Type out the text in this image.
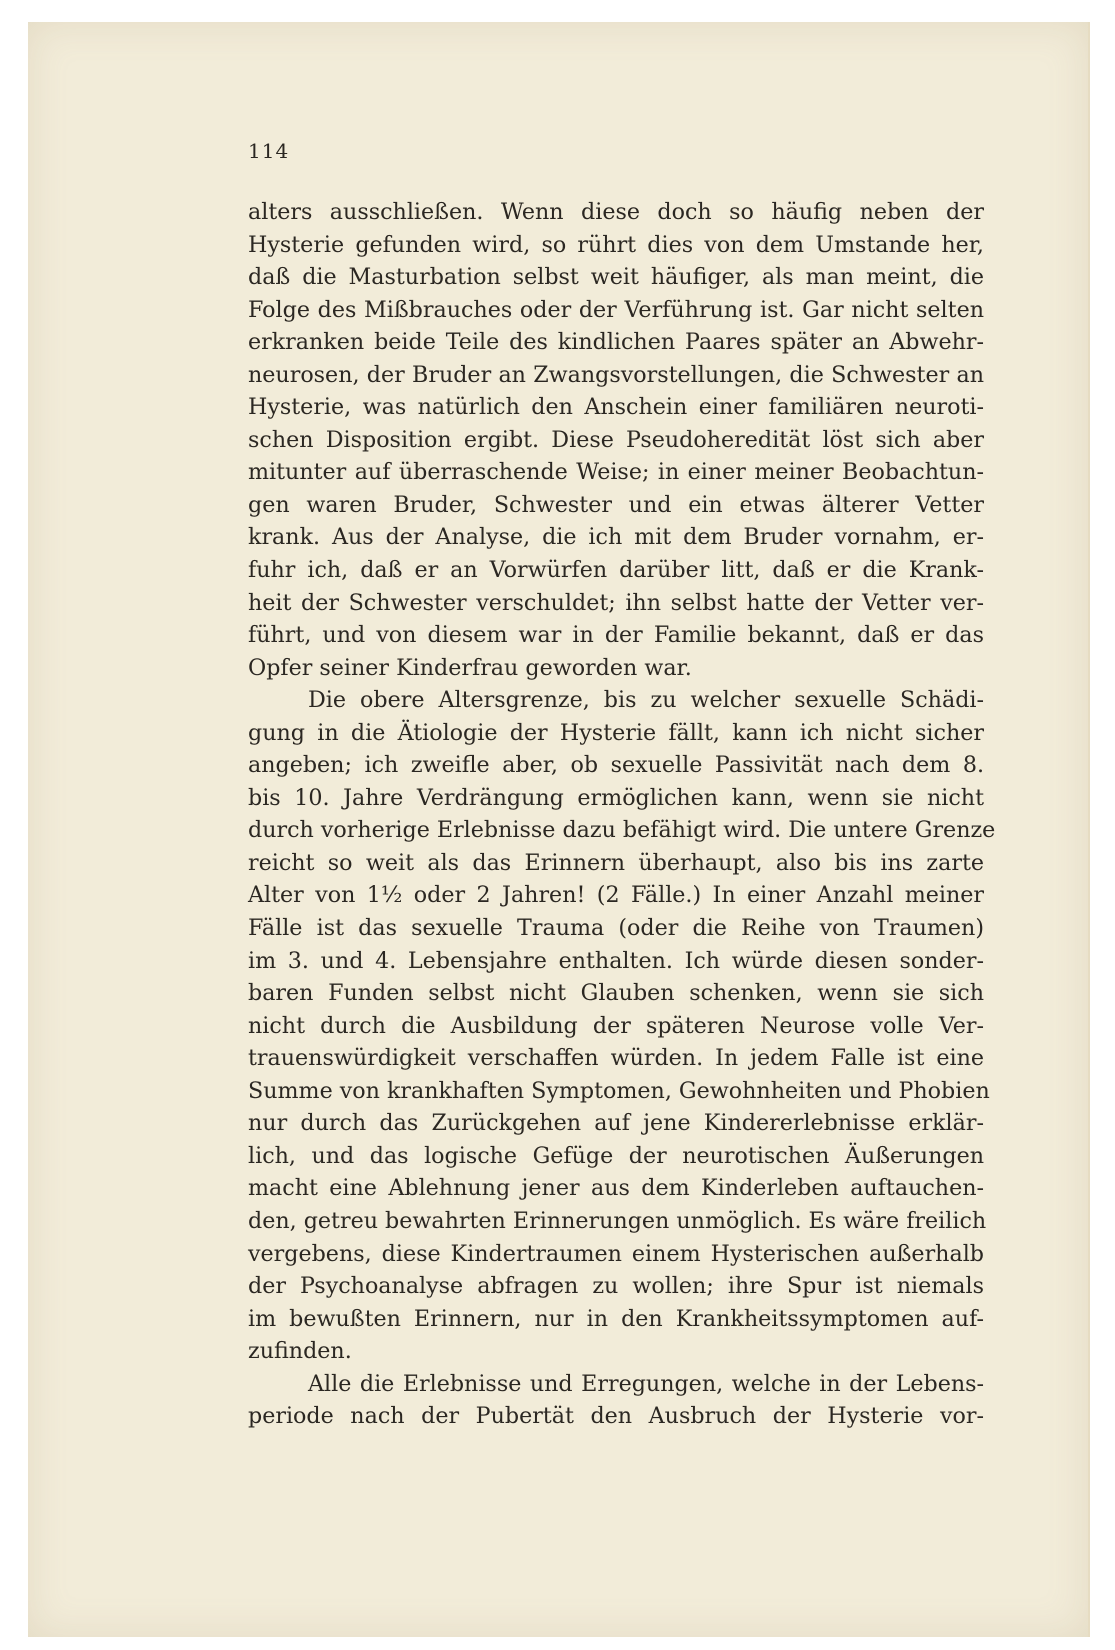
114
alters ausschließen. Wenn diese doch so häufig neben der
Hysterie gefunden wird, so rührt dies von dem Umstande her,
daß die Masturbation selbst weit häufiger, als man meint, die
Folge des Mißbrauches oder der Verführung ist. Gar nicht selten
erkranken beide Teile des kindlichen Paares später an Abwehr-
neurosen, der Bruder an Zwangsvorstellungen, die Schwester an
Hysterie, was natürlich den Anschein einer familiären neuroti-
schen Disposition ergibt. Diese Pseudoheredität löst sich aber
mitunter auf überraschende Weise; in einer meiner Beobachtun-
gen waren Bruder, Schwester und ein etwas älterer Vetter
krank. Aus der Analyse, die ich mit dem Bruder vornahm, er-
fuhr ich, daß er an Vorwürfen darüber litt, daß er die Krank-
heit der Schwester verschuldet; ihn selbst hatte der Vetter ver-
führt, und von diesem war in der Familie bekannt, daß er das
Opfer seiner Kinderfrau geworden war.
Die obere Altersgrenze, bis zu welcher sexuelle Schädi-
gung in die Ätiologie der Hysterie fällt, kann ich nicht sicher
angeben; ich zweifle aber, ob sexuelle Passivität nach dem 8.
bis 10. Jahre Verdrängung ermöglichen kann, wenn sie nicht
durch vorherige Erlebnisse dazu befähigt wird. Die untere Grenze
reicht so weit als das Erinnern überhaupt, also bis ins zarte
Alter von 1½ oder 2 Jahren! (2 Fälle.) In einer Anzahl meiner
Fälle ist das sexuelle Trauma (oder die Reihe von Traumen)
im 3. und 4. Lebensjahre enthalten. Ich würde diesen sonder-
baren Funden selbst nicht Glauben schenken, wenn sie sich
nicht durch die Ausbildung der späteren Neurose volle Ver-
trauenswürdigkeit verschaffen würden. In jedem Falle ist eine
Summe von krankhaften Symptomen, Gewohnheiten und Phobien
nur durch das Zurückgehen auf jene Kindererlebnisse erklär-
lich, und das logische Gefüge der neurotischen Äußerungen
macht eine Ablehnung jener aus dem Kinderleben auftauchen-
den, getreu bewahrten Erinnerungen unmöglich. Es wäre freilich
vergebens, diese Kindertraumen einem Hysterischen außerhalb
der Psychoanalyse abfragen zu wollen; ihre Spur ist niemals
im bewußten Erinnern, nur in den Krankheitssymptomen auf-
zufinden.
Alle die Erlebnisse und Erregungen, welche in der Lebens-
periode nach der Pubertät den Ausbruch der Hysterie vor-
